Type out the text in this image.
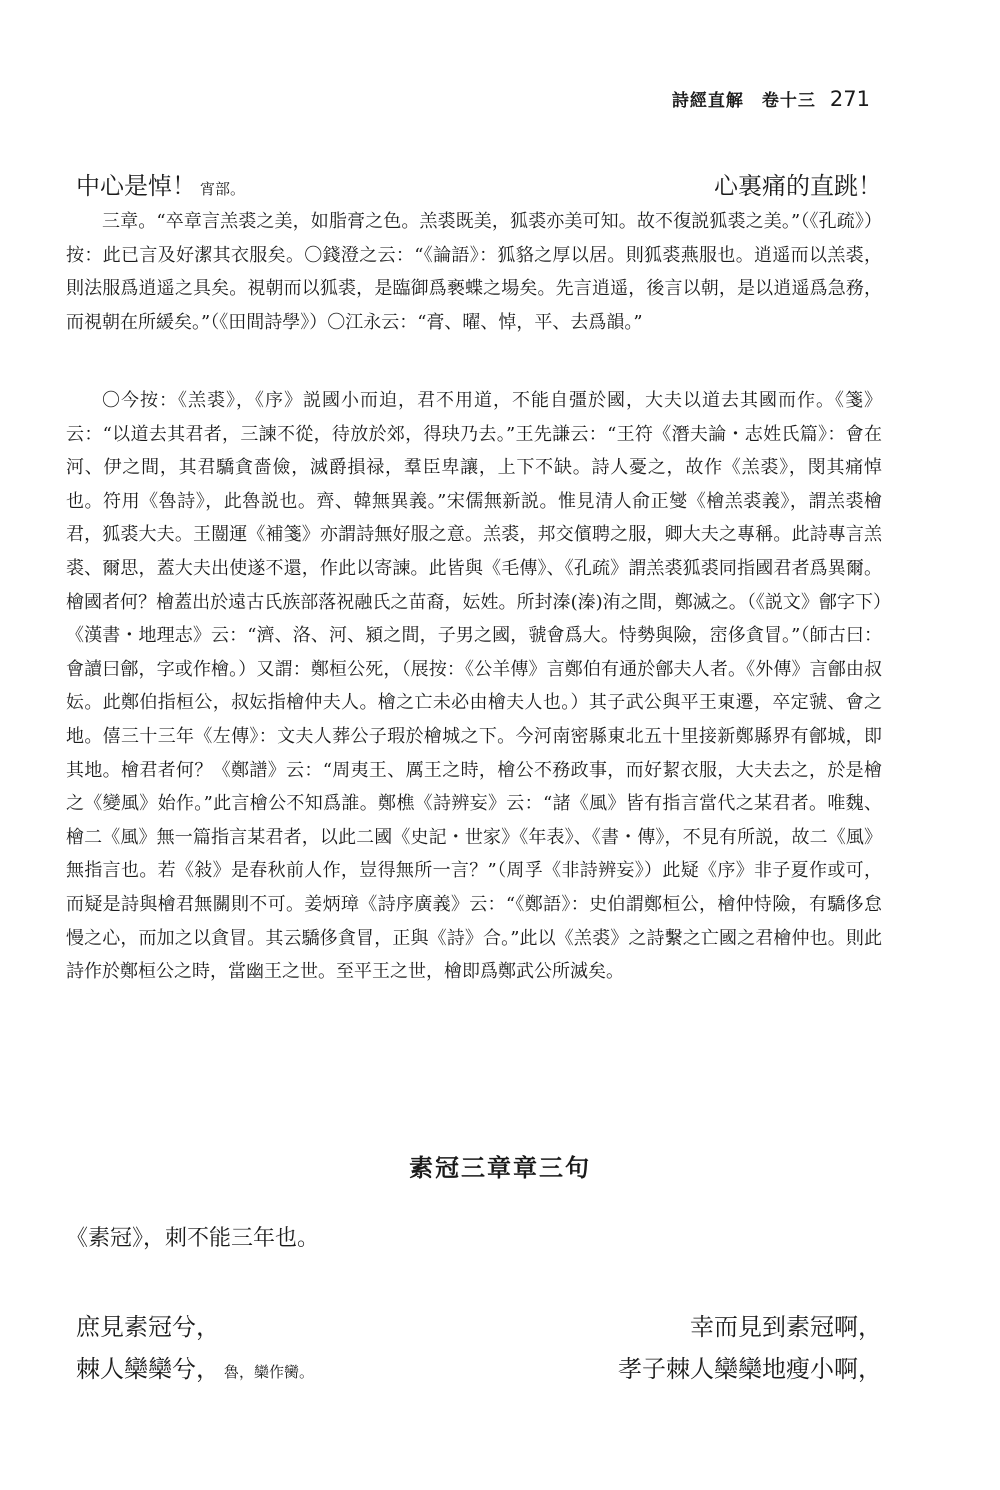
詩經直解　卷十三 271
中心是悼！ 宵部。	心裏痛的直跳！

三章。“卒章言羔裘之美，如脂膏之色。羔裘既美，狐裘亦美可知。故不復説狐裘之美。”（《孔疏》）按：此已言及好潔其衣服矣。〇錢澄之云：“《論語》：狐貉之厚以居。則狐裘燕服也。逍遥而以羔裘，則法服爲逍遥之具矣。視朝而以狐裘，是臨御爲褻蝶之場矣。先言逍遥，後言以朝，是以逍遥爲急務，而視朝在所緩矣。”（《田間詩學》）〇江永云：“膏、曜、悼，平、去爲韻。”

〇今按：《羔裘》，《序》説國小而迫，君不用道，不能自彊於國，大夫以道去其國而作。《箋》云：“以道去其君者，三諫不從，待放於郊，得玦乃去。”王先謙云：“王符《潛夫論・志姓氏篇》：會在河、伊之間，其君驕貪嗇儉，滅爵損禄，羣臣卑讓，上下不缺。詩人憂之，故作《羔裘》，閔其痛悼也。符用《魯詩》，此魯説也。齊、韓無異義。”宋儒無新説。惟見清人俞正燮《檜羔裘義》，謂羔裘檜君，狐裘大夫。王闓運《補箋》亦謂詩無好服之意。羔裘，邦交儐聘之服，卿大夫之專稱。此詩專言羔裘、爾思，蓋大夫出使遂不還，作此以寄諫。此皆與《毛傳》、《孔疏》謂羔裘狐裘同指國君者爲異爾。檜國者何？檜蓋出於遠古氏族部落祝融氏之苗裔，妘姓。所封溱(溱)洧之間，鄭滅之。（《説文》鄶字下）《漢書・地理志》云：“濟、洛、河、潁之間，子男之國，虢會爲大。恃勢與險，崈侈貪冒。”（師古曰：會讀曰鄶，字或作檜。）又謂：鄭桓公死，（展按：《公羊傳》言鄭伯有通於鄶夫人者。《外傳》言鄶由叔妘。此鄭伯指桓公，叔妘指檜仲夫人。檜之亡未必由檜夫人也。）其子武公與平王東遷，卒定虢、會之地。僖三十三年《左傳》：文夫人葬公子瑕於檜城之下。今河南密縣東北五十里接新鄭縣界有鄶城，即其地。檜君者何？《鄭譜》云：“周夷王、厲王之時，檜公不務政事，而好絜衣服，大夫去之，於是檜之《變風》始作。”此言檜公不知爲誰。鄭樵《詩辨妄》云：“諸《風》皆有指言當代之某君者。唯魏、檜二《風》無一篇指言某君者，以此二國《史記・世家》《年表》、《書・傳》，不見有所説，故二《風》無指言也。若《敍》是春秋前人作，豈得無所一言？”（周孚《非詩辨妄》）此疑《序》非子夏作或可，而疑是詩與檜君無關則不可。姜炳璋《詩序廣義》云：“《鄭語》：史伯謂鄭桓公，檜仲恃險，有驕侈怠慢之心，而加之以貪冒。其云驕侈貪冒，正與《詩》合。”此以《羔裘》之詩繫之亡國之君檜仲也。則此詩作於鄭桓公之時，當幽王之世。至平王之世，檜即爲鄭武公所滅矣。

素冠三章章三句
《素冠》，刺不能三年也。
庶見素冠兮，	幸而見到素冠啊，
棘人欒欒兮， 魯，欒作臠。	孝子棘人欒欒地瘦小啊，
